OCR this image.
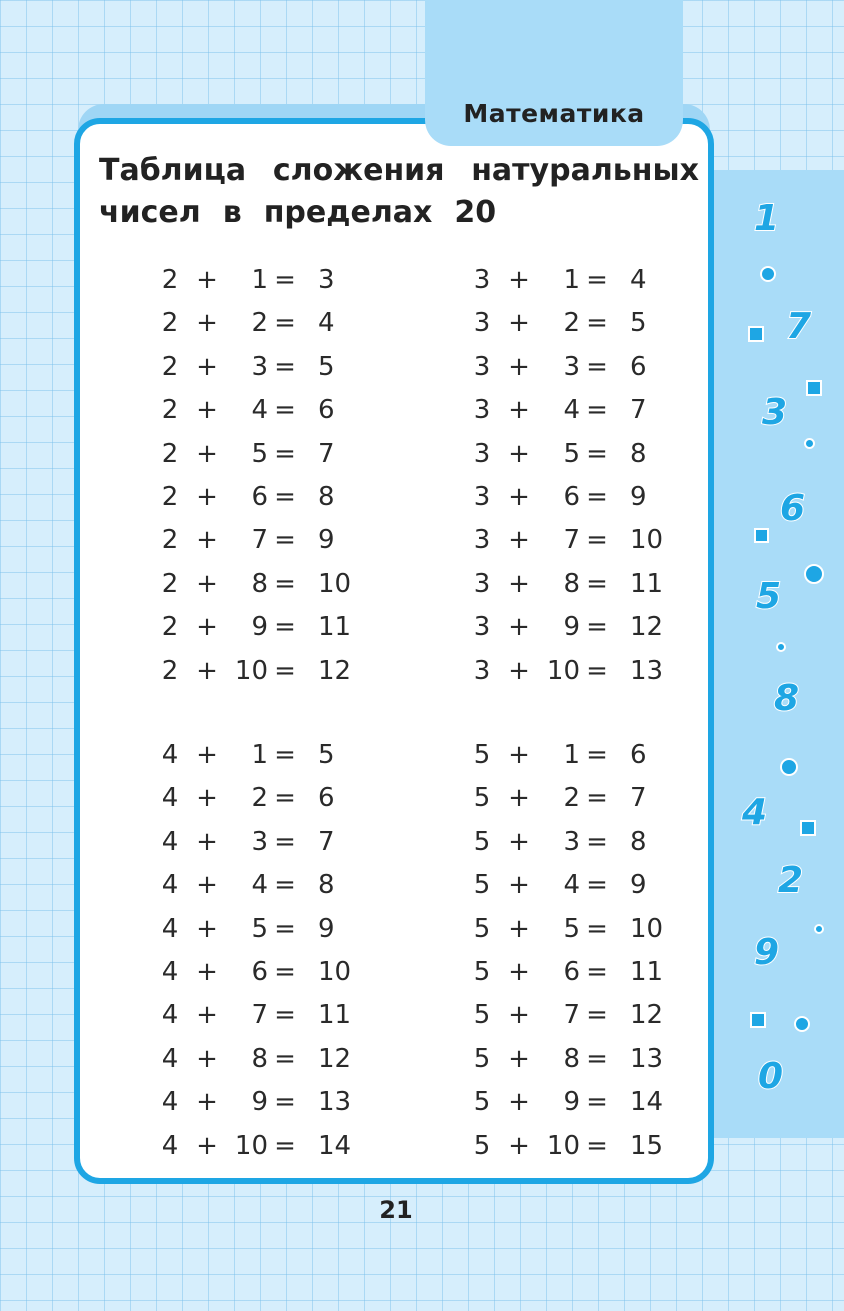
1
7
3
6
5
8
4
2
9
0
Математика
Таблица сложения натуральных
чисел в пределах 20
2 +	1 = 3
2 +	2 = 4
2 +	3 = 5
2 +	4 = 6
2 +	5 = 7
2 +	6 = 8
2 +	7 = 9
2 +	8 = 10
2 +	9 = 11
2 + 10 = 12
3 +	1 = 4
3 +	2 = 5
3 +	3 = 6
3 +	4 = 7
3 +	5 = 8
3 +	6 = 9
3 +	7 = 10
3 +	8 = 11
3 +	9 = 12
3 + 10 = 13
4 +	1 = 5
4 +	2 = 6
4 +	3 = 7
4 +	4 = 8
4 +	5 = 9
4 +	6 = 10
4 +	7 = 11
4 +	8 = 12
4 +	9 = 13
4 + 10 = 14
5 +	1 = 6
5 +	2 = 7
5 +	3 = 8
5 +	4 = 9
5 +	5 = 10
5 +	6 = 11
5 +	7 = 12
5 +	8 = 13
5 +	9 = 14
5 + 10 = 15
21
